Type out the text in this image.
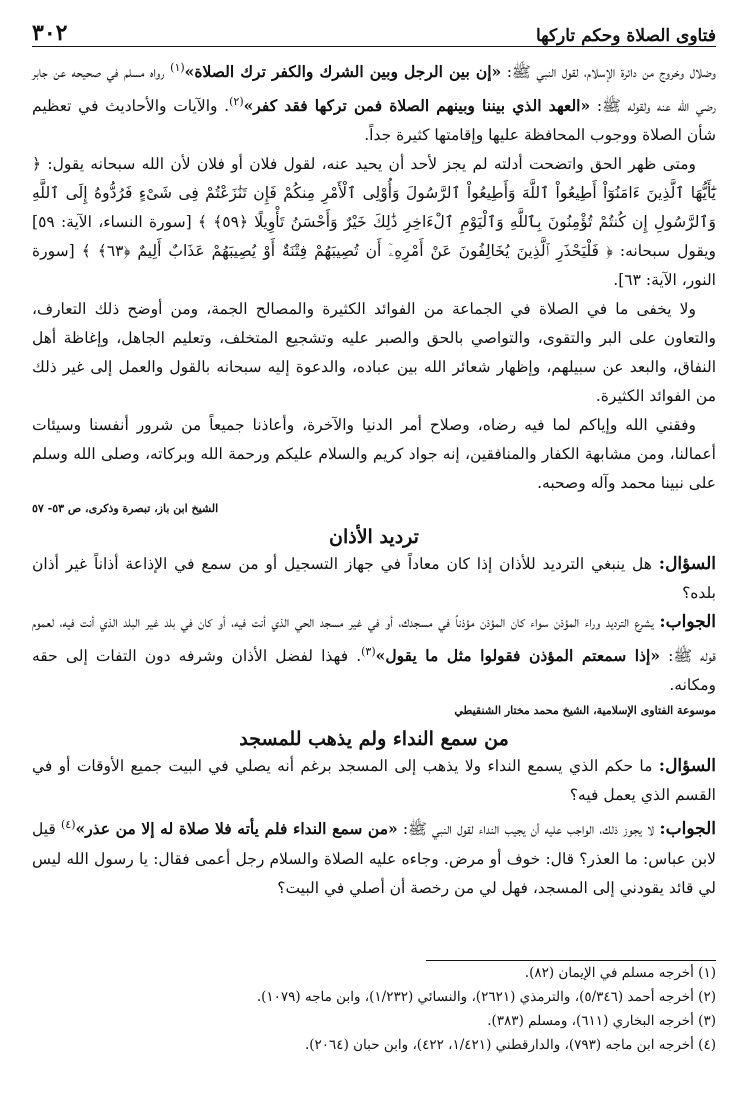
فتاوى الصلاة وحكم تاركها
٣٠٢

وضلال وخروج من دائرة الإسلام، لقول النبي ﷺ: «إن بين الرجل وبين الشرك والكفر ترك الصلاة»$^{(١)}$ رواه مسلم في صحيحه عن جابر رضي الله عنه ولقوله ﷺ: «العهد الذي بيننا وبينهم الصلاة فمن تركها فقد كفر»$^{(٢)}$. والآيات والأحاديث في تعظيم شأن الصلاة ووجوب المحافظة عليها وإقامتها كثيرة جداً.

ومتى ظهر الحق واتضحت أدلته لم يجز لأحد أن يحيد عنه، لقول فلان أو فلان لأن الله سبحانه يقول: ﴿ يَٰٓأَيُّهَا ٱلَّذِينَ ءَامَنُوٓاْ أَطِيعُواْ ٱللَّهَ وَأَطِيعُواْ ٱلرَّسُولَ وَأُوْلِى ٱلْأَمْرِ مِنكُمْ فَإِن تَنَٰزَعْتُمْ فِى شَىْءٍ فَرُدُّوهُ إِلَى ٱللَّهِ وَٱلرَّسُولِ إِن كُنتُمْ تُؤْمِنُونَ بِٱللَّهِ وَٱلْيَوْمِ ٱلْءَاخِرِ ذَٰلِكَ خَيْرٌ وَأَحْسَنُ تَأْوِيلًا ﴿٥٩﴾ ﴾ [سورة النساء، الآية: ٥٩] ويقول سبحانه: ﴿ فَلْيَحْذَرِ ٱلَّذِينَ يُخَالِفُونَ عَنْ أَمْرِهِۦٓ أَن تُصِيبَهُمْ فِتْنَةٌ أَوْ يُصِيبَهُمْ عَذَابٌ أَلِيمٌ ﴿٦٣﴾ ﴾ [سورة النور، الآية: ٦٣].

ولا يخفى ما في الصلاة في الجماعة من الفوائد الكثيرة والمصالح الجمة، ومن أوضح ذلك التعارف، والتعاون على البر والتقوى، والتواصي بالحق والصبر عليه وتشجيع المتخلف، وتعليم الجاهل، وإغاظة أهل النفاق، والبعد عن سبيلهم، وإظهار شعائر الله بين عباده، والدعوة إليه سبحانه بالقول والعمل إلى غير ذلك من الفوائد الكثيرة.

وفقني الله وإياكم لما فيه رضاه، وصلاح أمر الدنيا والآخرة، وأعاذنا جميعاً من شرور أنفسنا وسيئات أعمالنا، ومن مشابهة الكفار والمنافقين، إنه جواد كريم والسلام عليكم ورحمة الله وبركاته، وصلى الله وسلم على نبينا محمد وآله وصحبه.

الشيخ ابن باز، تبصرة وذكرى، ص ٥٣- ٥٧
ترديد الأذان

السؤال: هل ينبغي الترديد للأذان إذا كان معاداً في جهاز التسجيل أو من سمع في الإذاعة أذاناً غير أذان بلده؟

الجواب: يشرع الترديد وراء المؤذن سواء كان المؤذن مؤذناً في مسجدك، أو في غير مسجد الحي الذي أنت فيه، أو كان في بلد غير البلد الذي أنت فيه، لعموم قوله ﷺ: «إذا سمعتم المؤذن فقولوا مثل ما يقول»$^{(٣)}$. فهذا لفضل الأذان وشرفه دون التفات إلى حقه ومكانه.

موسوعة الفتاوى الإسلامية، الشيخ محمد مختار الشنقيطي
من سمع النداء ولم يذهب للمسجد

السؤال: ما حكم الذي يسمع النداء ولا يذهب إلى المسجد برغم أنه يصلي في البيت جميع الأوقات أو في القسم الذي يعمل فيه؟

الجواب: لا يجوز ذلك، الواجب عليه أن يجيب النداء لقول النبي ﷺ: «من سمع النداء فلم يأته فلا صلاة له إلا من عذر»$^{(٤)}$ قيل لابن عباس: ما العذر؟ قال: خوف أو مرض. وجاءه عليه الصلاة والسلام رجل أعمى فقال: يا رسول الله ليس لي قائد يقودني إلى المسجد، فهل لي من رخصة أن أصلي في البيت؟

(١) أخرجه مسلم في الإيمان (٨٢).
(٢) أخرجه أحمد (٥/٣٤٦)، والترمذي (٢٦٢١)، والنسائي (١/٢٣٢)، وابن ماجه (١٠٧٩).
(٣) أخرجه البخاري (٦١١)، ومسلم (٣٨٣).
(٤) أخرجه ابن ماجه (٧٩٣)، والدارقطني (١/٤٢١، ٤٢٢)، وابن حبان (٢٠٦٤).
